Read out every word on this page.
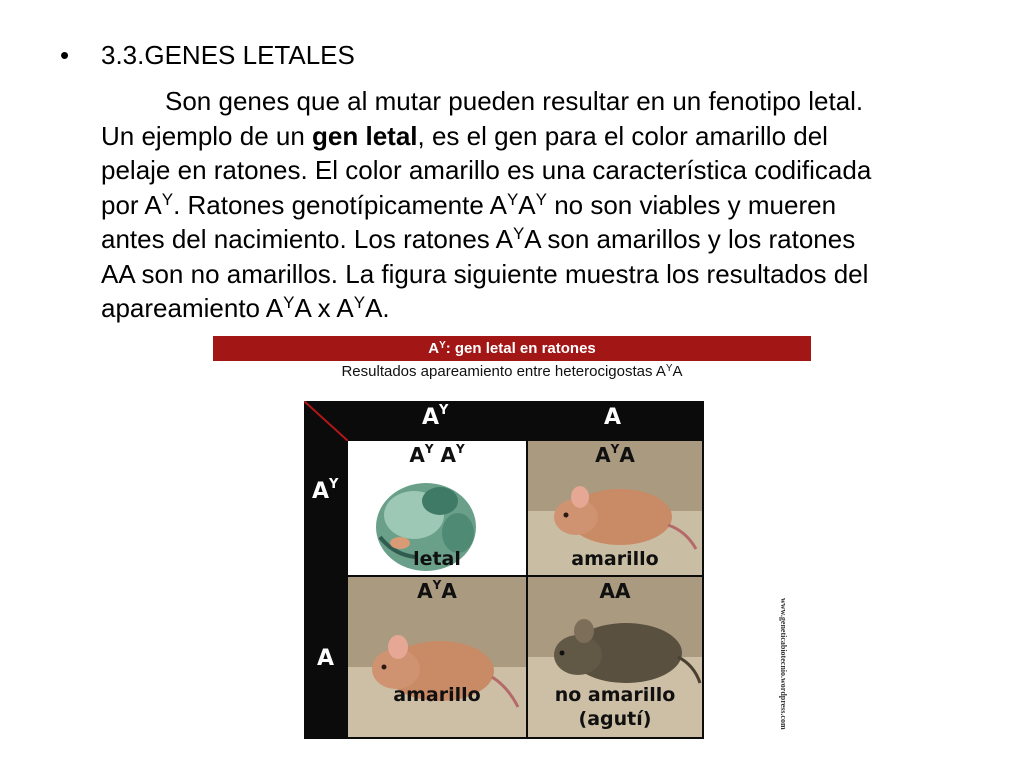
• 3.3.GENES LETALES
Son genes que al mutar pueden resultar en un fenotipo letal.
Un ejemplo de un gen letal, es el gen para el color amarillo del
pelaje en ratones. El color amarillo es una característica codificada
por $A^Y$. Ratones genotípicamente $A^YA^Y$ no son viables y mueren
antes del nacimiento. Los ratones $A^YA$ son amarillos y los ratones
AA son no amarillos. La figura siguiente muestra los resultados del
apareamiento $A^YA$ x $A^YA$.
$A^Y$: gen letal en ratones
Resultados apareamiento entre heterocigostas $A^YA$
$A^Y$	A
$A^Y$
A
$A^Y$ $A^Y$
letal
$A^YA$
amarillo
$A^YA$
amarillo
AA
no amarillo
(agutí)	www.geneticabiotecnio.wordpress.com
